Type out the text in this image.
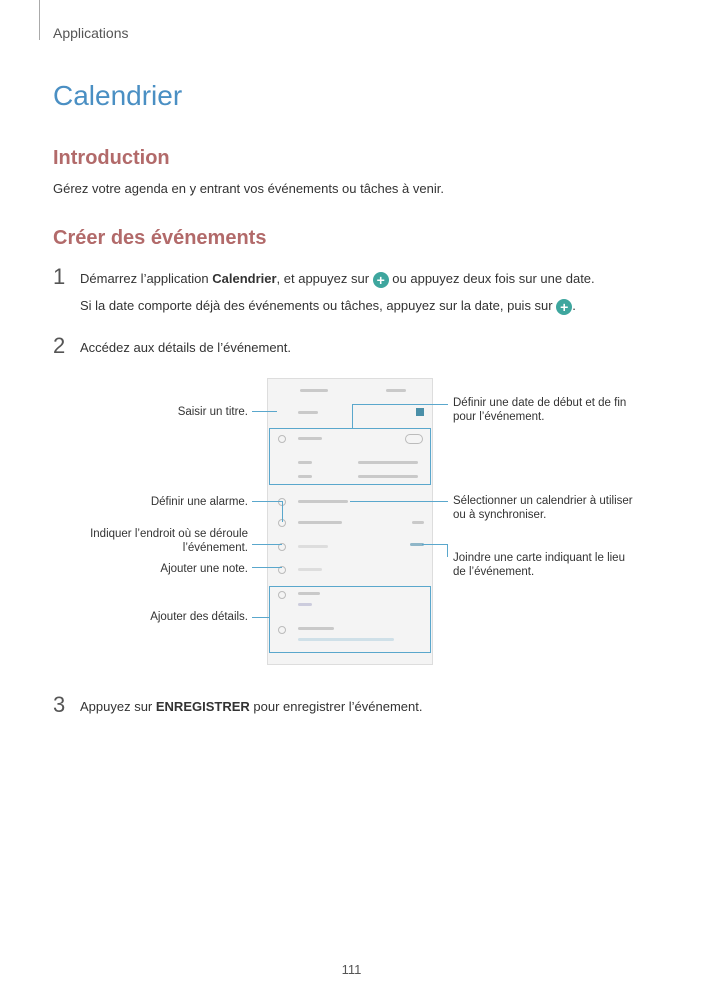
Applications
Calendrier
Introduction
Gérez votre agenda en y entrant vos événements ou tâches à venir.
Créer des événements
1 Démarrez l’application Calendrier, et appuyez sur + ou appuyez deux fois sur une date.
Si la date comporte déjà des événements ou tâches, appuyez sur la date, puis sur + .
2 Accédez aux détails de l’événement.
Saisir un titre.
Définir une alarme.
Indiquer l’endroit où se déroule
l’événement.
Ajouter une note.
Ajouter des détails.
Définir une date de début et de fin
pour l’événement.
Sélectionner un calendrier à utiliser
ou à synchroniser.
Joindre une carte indiquant le lieu
de l’événement.
3 Appuyez sur ENREGISTRER pour enregistrer l’événement.
111
